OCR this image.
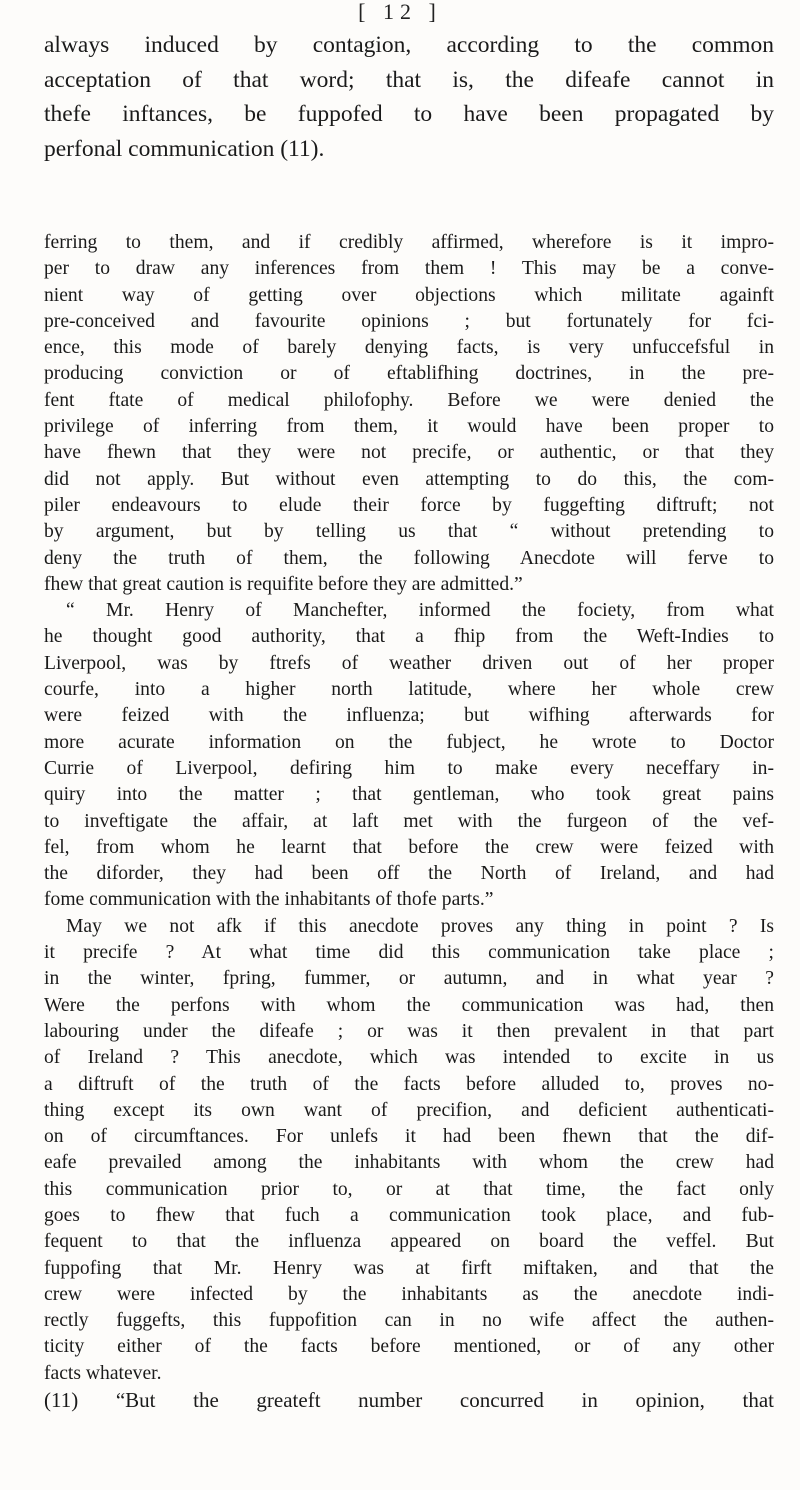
[ 12 ]
always induced by contagion, according to the common
acceptation of that word; that is, the difeafe cannot in
thefe inftances, be fuppofed to have been propagated by
perfonal communication (11).
ferring to them, and if credibly affirmed, wherefore is it impro-
per to draw any inferences from them ! This may be a conve-
nient way of getting over objections which militate againft
pre-conceived and favourite opinions ; but fortunately for fci-
ence, this mode of barely denying facts, is very unfuccefsful in
producing conviction or of eftablifhing doctrines, in the pre-
fent ftate of medical philofophy. Before we were denied the
privilege of inferring from them, it would have been proper to
have fhewn that they were not precife, or authentic, or that they
did not apply. But without even attempting to do this, the com-
piler endeavours to elude their force by fuggefting diftruft; not
by argument, but by telling us that “ without pretending to
deny the truth of them, the following Anecdote will ferve to
fhew that great caution is requifite before they are admitted.”
“ Mr. Henry of Manchefter, informed the fociety, from what
he thought good authority, that a fhip from the Weft-Indies to
Liverpool, was by ftrefs of weather driven out of her proper
courfe, into a higher north latitude, where her whole crew
were feized with the influenza; but wifhing afterwards for
more acurate information on the fubject, he wrote to Doctor
Currie of Liverpool, defiring him to make every neceffary in-
quiry into the matter ; that gentleman, who took great pains
to inveftigate the affair, at laft met with the furgeon of the vef-
fel, from whom he learnt that before the crew were feized with
the diforder, they had been off the North of Ireland, and had
fome communication with the inhabitants of thofe parts.”
May we not afk if this anecdote proves any thing in point ? Is
it precife ? At what time did this communication take place ;
in the winter, fpring, fummer, or autumn, and in what year ?
Were the perfons with whom the communication was had, then
labouring under the difeafe ; or was it then prevalent in that part
of Ireland ? This anecdote, which was intended to excite in us
a diftruft of the truth of the facts before alluded to, proves no-
thing except its own want of precifion, and deficient authenticati-
on of circumftances. For unlefs it had been fhewn that the dif-
eafe prevailed among the inhabitants with whom the crew had
this communication prior to, or at that time, the fact only
goes to fhew that fuch a communication took place, and fub-
fequent to that the influenza appeared on board the veffel. But
fuppofing that Mr. Henry was at firft miftaken, and that the
crew were infected by the inhabitants as the anecdote indi-
rectly fuggefts, this fuppofition can in no wife affect the authen-
ticity either of the facts before mentioned, or of any other
facts whatever.
(11) “But the greateft number concurred in opinion, that
